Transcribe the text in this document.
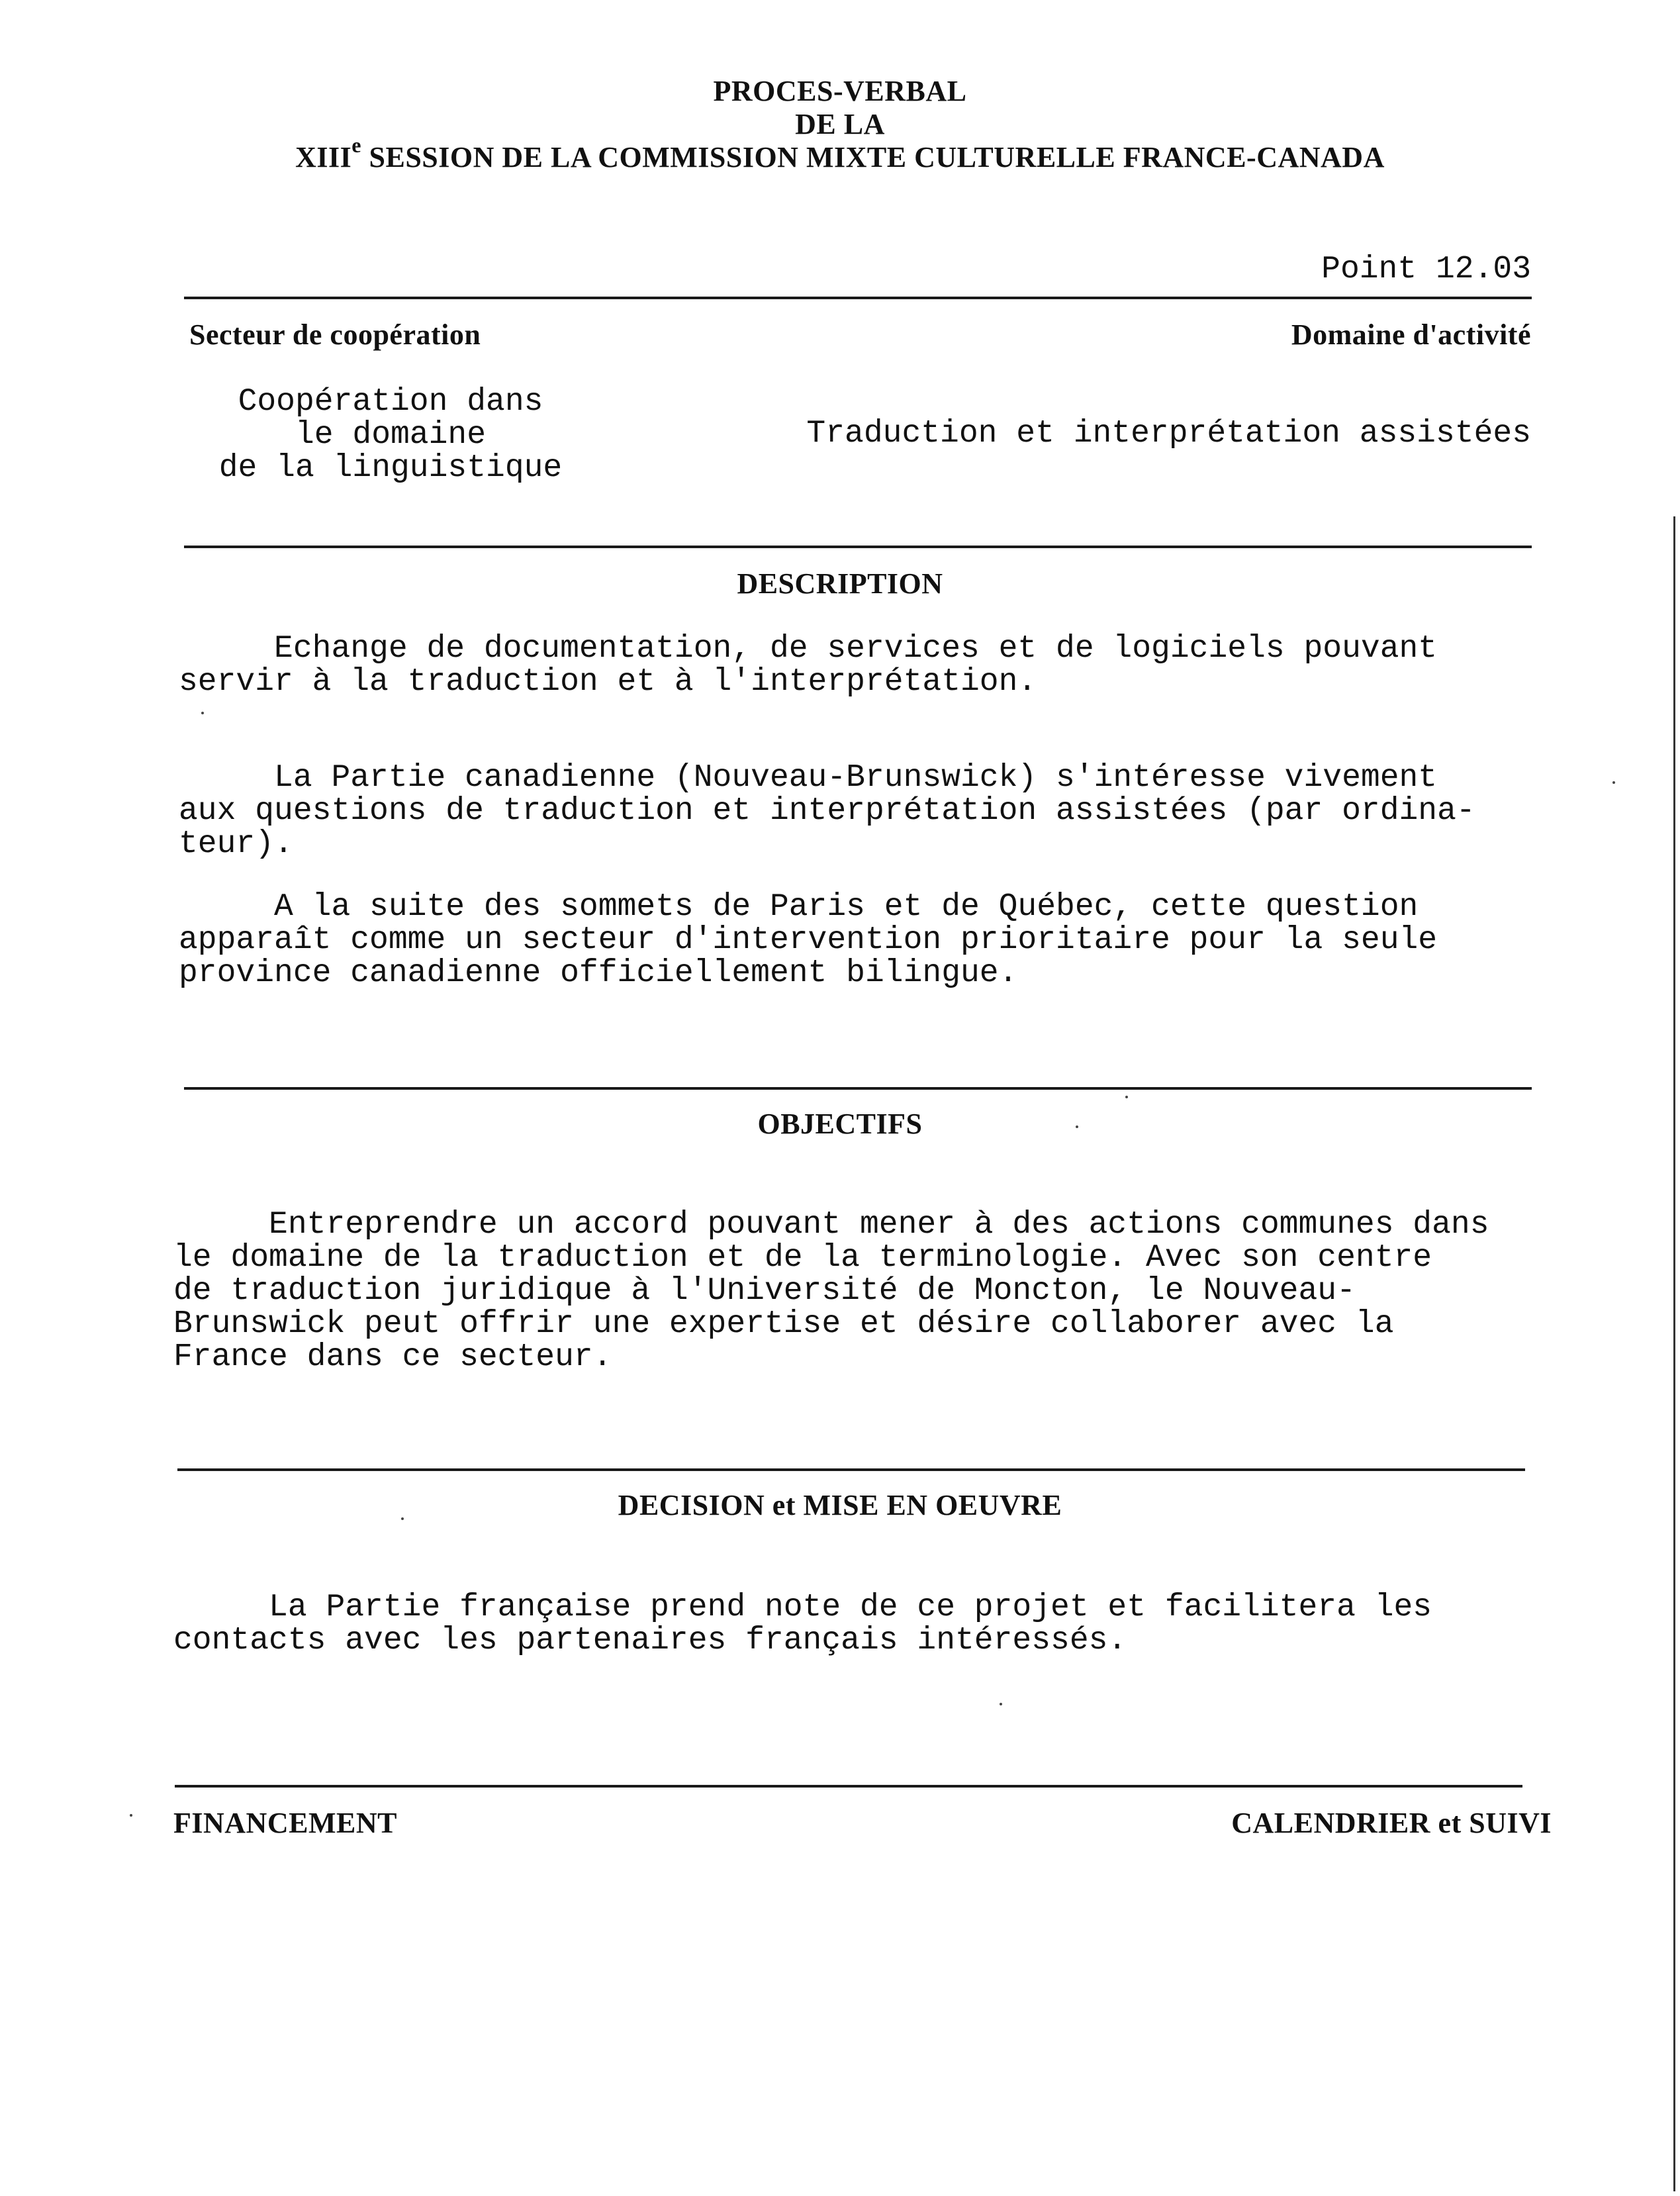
PROCES-VERBAL
DE LA
XIIIe SESSION DE LA COMMISSION MIXTE CULTURELLE FRANCE-CANADA
Point 12.03
Secteur de coopération	Domaine d'activité
Coopération dans
le domaine
de la linguistique
Traduction et interprétation assistées
DESCRIPTION
Echange de documentation, de services et de logiciels pouvant
servir à la traduction et à l'interprétation.
La Partie canadienne (Nouveau-Brunswick) s'intéresse vivement
aux questions de traduction et interprétation assistées (par ordina-
teur).
A la suite des sommets de Paris et de Québec, cette question
apparaît comme un secteur d'intervention prioritaire pour la seule
province canadienne officiellement bilingue.
OBJECTIFS
Entreprendre un accord pouvant mener à des actions communes dans
le domaine de la traduction et de la terminologie. Avec son centre
de traduction juridique à l'Université de Moncton, le Nouveau-
Brunswick peut offrir une expertise et désire collaborer avec la
France dans ce secteur.
DECISION et MISE EN OEUVRE
La Partie française prend note de ce projet et facilitera les
contacts avec les partenaires français intéressés.
FINANCEMENT	CALENDRIER et SUIVI
